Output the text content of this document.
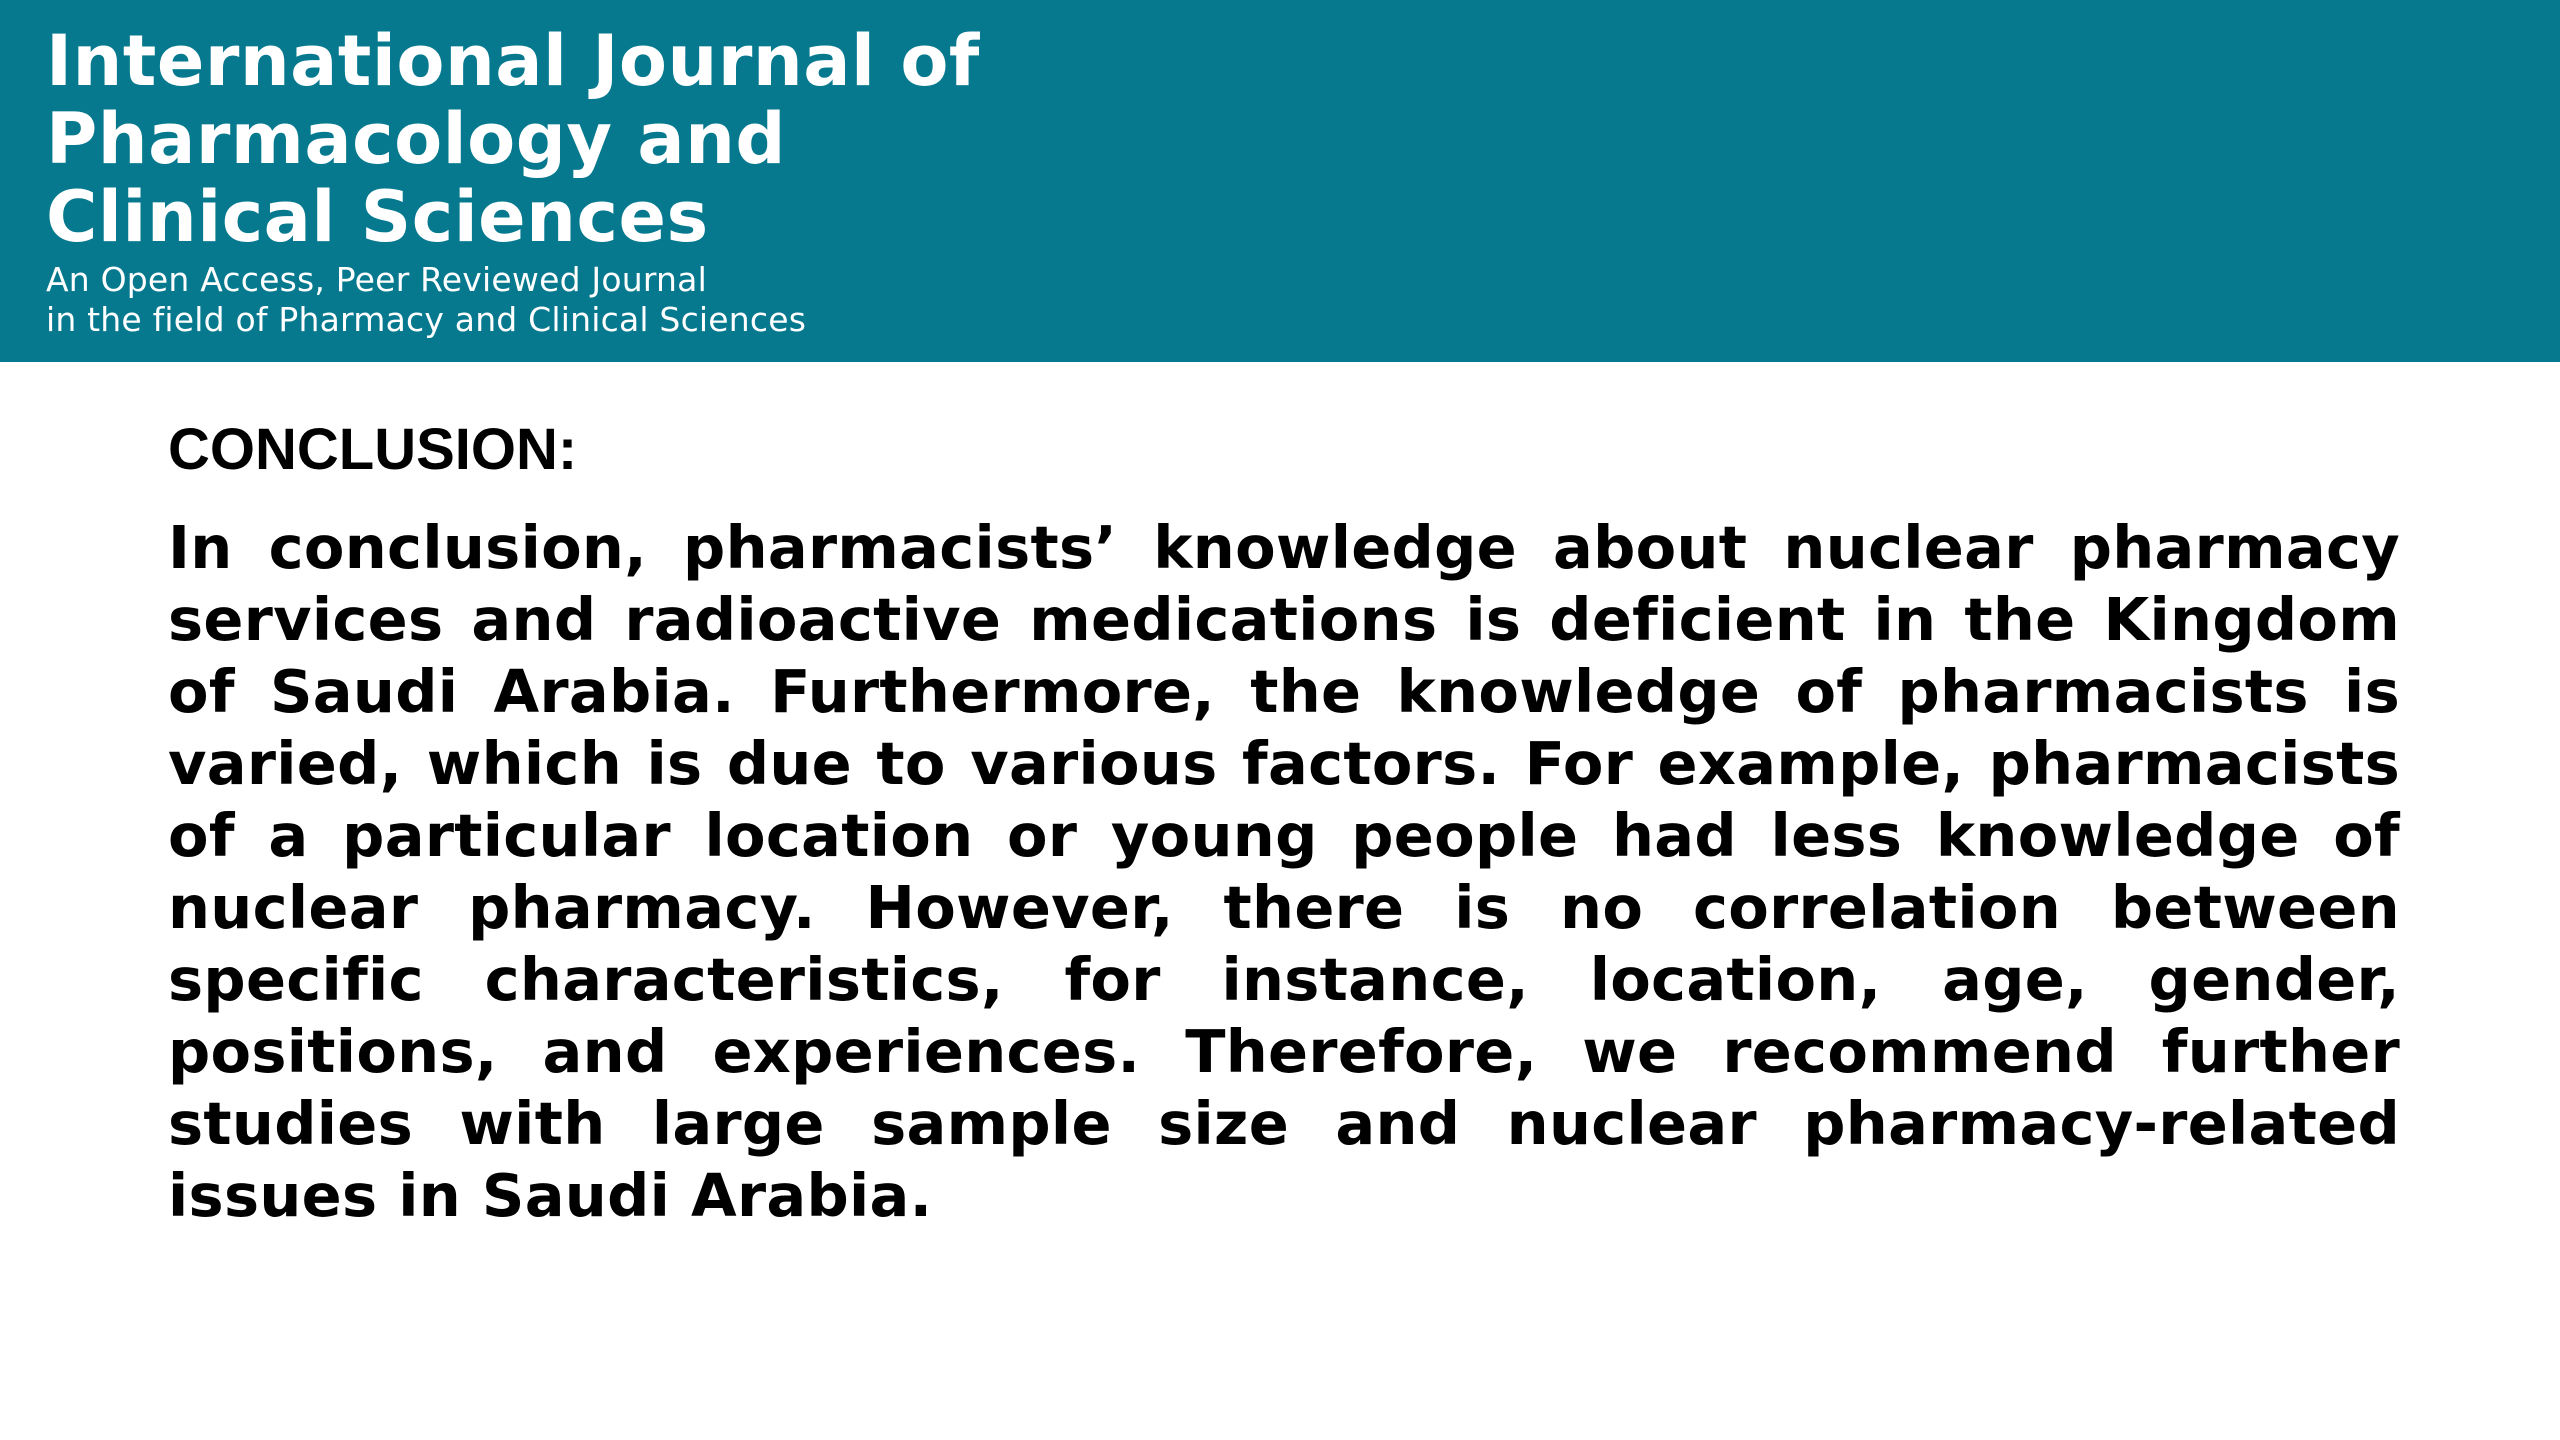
International Journal of
Pharmacology and
Clinical Sciences
An Open Access, Peer Reviewed Journal
in the field of Pharmacy and Clinical Sciences
CONCLUSION:

In conclusion, pharmacists’ knowledge about nuclear pharmacy services and radioactive medications is deficient in the Kingdom of Saudi Arabia. Furthermore, the knowledge of pharmacists is varied, which is due to various factors. For example, pharmacists of a particular location or young people had less knowledge of nuclear pharmacy. However, there is no correlation between specific characteristics, for instance, location, age, gender, positions, and experiences. Therefore, we recommend further studies with large sample size and nuclear pharmacy-related issues in Saudi Arabia.
